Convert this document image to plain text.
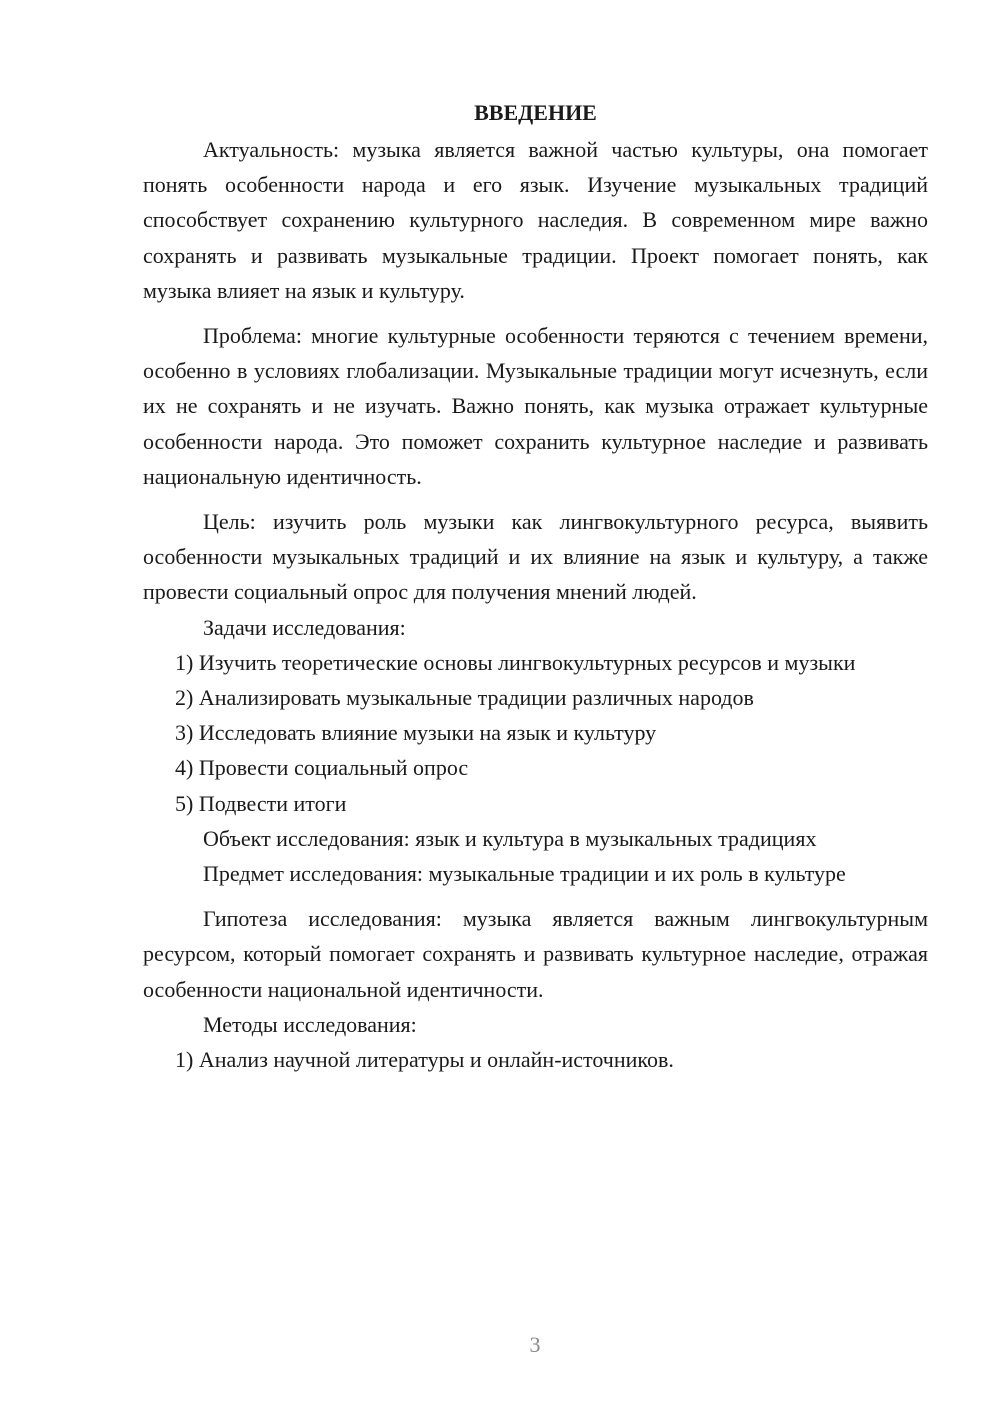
ВВЕДЕНИЕ

Актуальность: музыка является важной частью культуры, она помогает понять особенности народа и его язык. Изучение музыкальных традиций способствует сохранению культурного наследия. В современном мире важно сохранять и развивать музыкальные традиции. Проект помогает понять, как музыка влияет на язык и культуру.

Проблема: многие культурные особенности теряются с течением времени, особенно в условиях глобализации. Музыкальные традиции могут исчезнуть, если их не сохранять и не изучать. Важно понять, как музыка отражает культурные особенности народа. Это поможет сохранить культурное наследие и развивать национальную идентичность.

Цель: изучить роль музыки как лингвокультурного ресурса, выявить особенности музыкальных традиций и их влияние на язык и культуру, а также провести социальный опрос для получения мнений людей.

Задачи исследования:

1) Изучить теоретические основы лингвокультурных ресурсов и музыки

2) Анализировать музыкальные традиции различных народов

3) Исследовать влияние музыки на язык и культуру

4) Провести социальный опрос

5) Подвести итоги

Объект исследования: язык и культура в музыкальных традициях

Предмет исследования: музыкальные традиции и их роль в культуре

Гипотеза исследования: музыка является важным лингвокультурным ресурсом, который помогает сохранять и развивать культурное наследие, отражая особенности национальной идентичности.

Методы исследования:

1) Анализ научной литературы и онлайн-источников.

3
